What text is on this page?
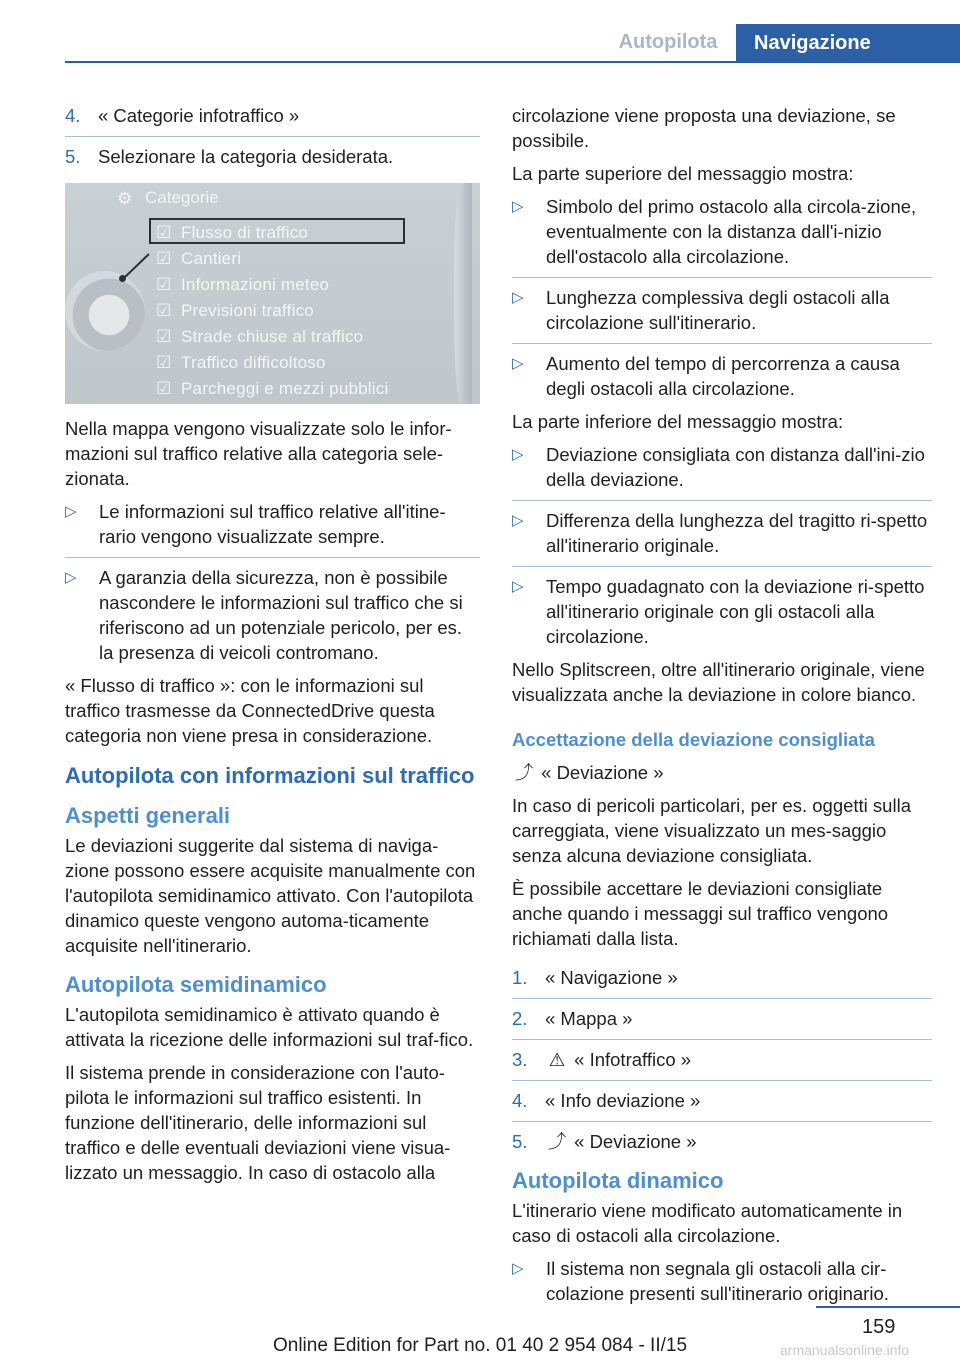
Autopilota	Navigazione
4. « Categorie infotraffico »
5. Selezionare la categoria desiderata.
⚙ Categorie
☑ Flusso di traffico
☑ Cantieri
☑ Informazioni meteo
☑ Previsioni traffico
☑ Strade chiuse al traffico
☑ Traffico difficoltoso
☑ Parcheggi e mezzi pubblici

Nella mappa vengono visualizzate solo le infor-mazioni sul traffico relative alla categoria sele-zionata.

▷	Le informazioni sul traffico relative all'itine-rario vengono visualizzate sempre.
▷	A garanzia della sicurezza, non è possibile nascondere le informazioni sul traffico che si riferiscono ad un potenziale pericolo, per es. la presenza di veicoli contromano.

« Flusso di traffico »: con le informazioni sul traffico trasmesse da ConnectedDrive questa categoria non viene presa in considerazione.

Autopilota con informazioni sul traffico
Aspetti generali

Le deviazioni suggerite dal sistema di naviga-zione possono essere acquisite manualmente con l'autopilota semidinamico attivato. Con l'autopilota dinamico queste vengono automa-ticamente acquisite nell'itinerario.

Autopilota semidinamico

L'autopilota semidinamico è attivato quando è attivata la ricezione delle informazioni sul traf-fico.

Il sistema prende in considerazione con l'auto-pilota le informazioni sul traffico esistenti. In funzione dell'itinerario, delle informazioni sul traffico e delle eventuali deviazioni viene visua-lizzato un messaggio. In caso di ostacolo alla

circolazione viene proposta una deviazione, se possibile.

La parte superiore del messaggio mostra:

▷	Simbolo del primo ostacolo alla circola-zione, eventualmente con la distanza dall'i-nizio dell'ostacolo alla circolazione.
▷	Lunghezza complessiva degli ostacoli alla circolazione sull'itinerario.
▷	Aumento del tempo di percorrenza a causa degli ostacoli alla circolazione.

La parte inferiore del messaggio mostra:

▷	Deviazione consigliata con distanza dall'ini-zio della deviazione.
▷	Differenza della lunghezza del tragitto ri-spetto all'itinerario originale.
▷	Tempo guadagnato con la deviazione ri-spetto all'itinerario originale con gli ostacoli alla circolazione.

Nello Splitscreen, oltre all'itinerario originale, viene visualizzata anche la deviazione in colore bianco.

Accettazione della deviazione consigliata

⤴ « Deviazione »

In caso di pericoli particolari, per es. oggetti sulla carreggiata, viene visualizzato un mes-saggio senza alcuna deviazione consigliata.

È possibile accettare le deviazioni consigliate anche quando i messaggi sul traffico vengono richiamati dalla lista.

1. « Navigazione »
2. « Mappa »
3.	⚠ « Infotraffico »
4. « Info deviazione »
5.	⤴ « Deviazione »
Autopilota dinamico

L'itinerario viene modificato automaticamente in caso di ostacoli alla circolazione.

▷	Il sistema non segnala gli ostacoli alla cir-colazione presenti sull'itinerario originario.
159
Online Edition for Part no. 01 40 2 954 084 - II/15	armanualsonline.info
